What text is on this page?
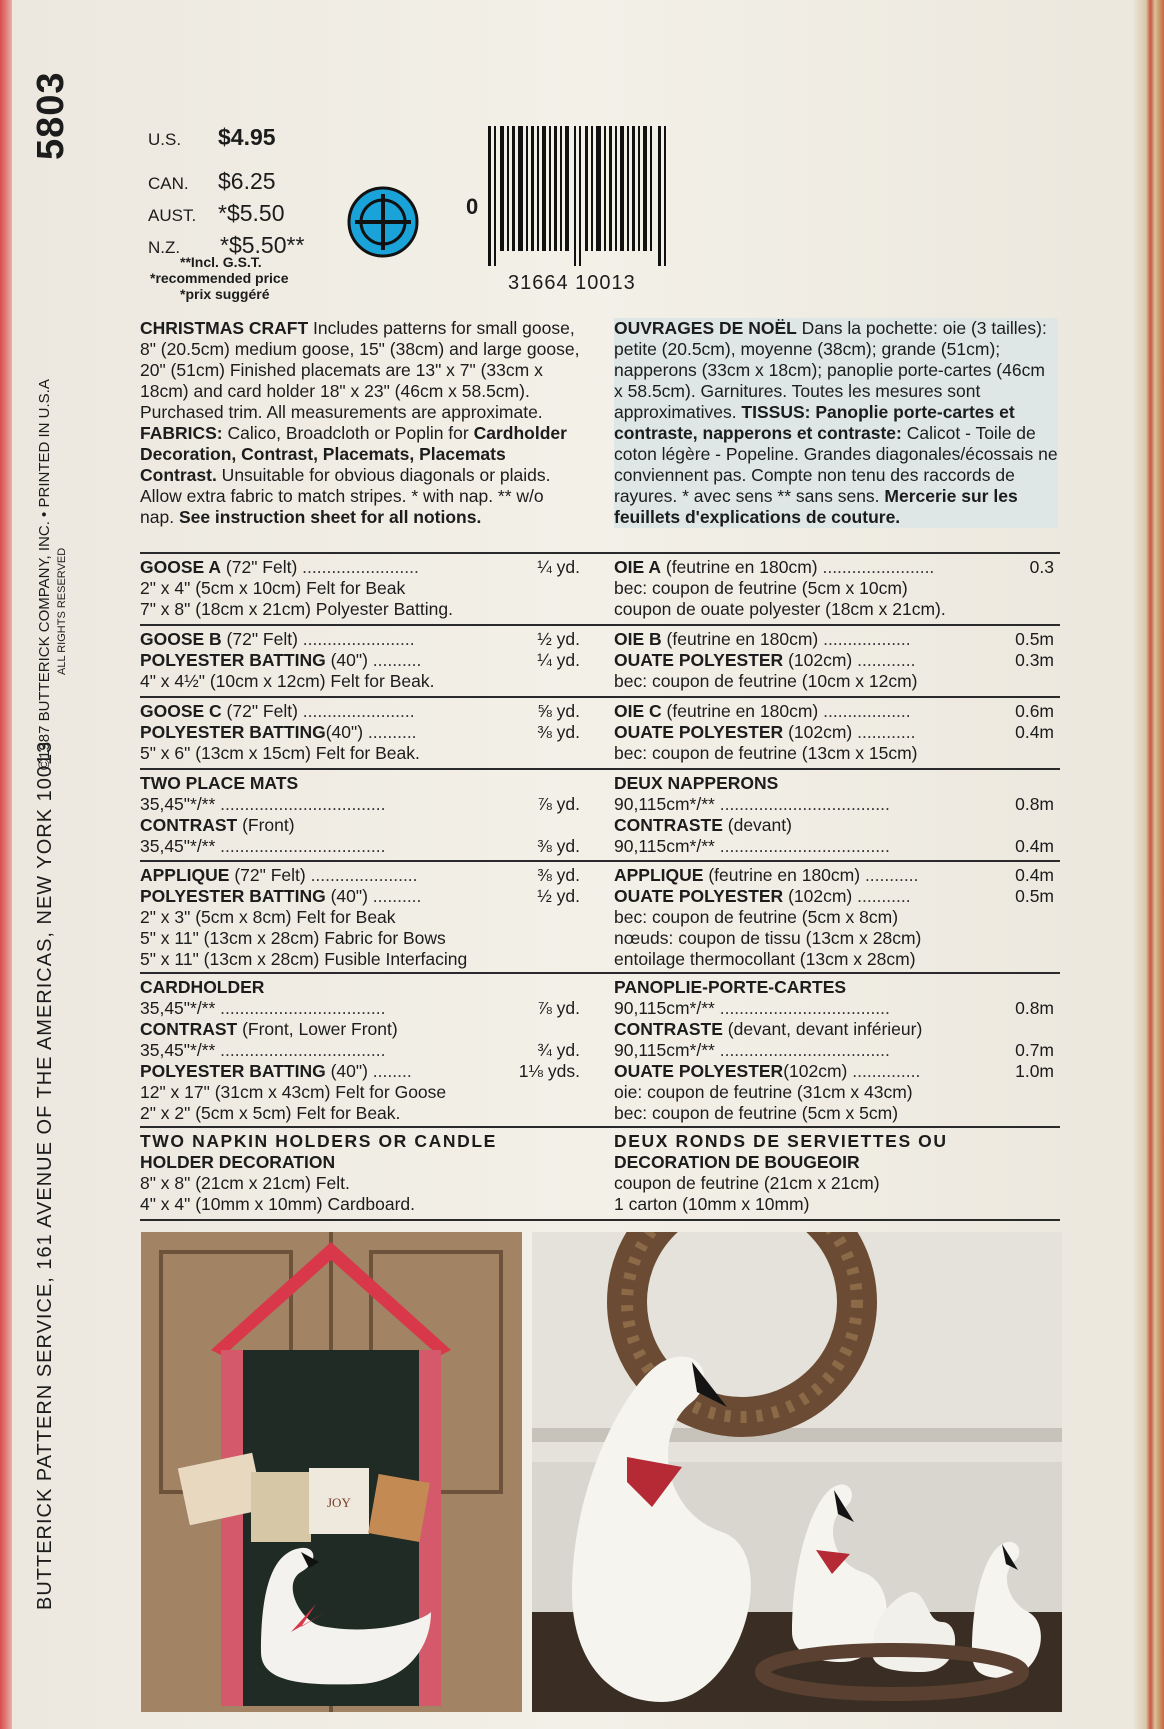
5803
©1987 BUTTERICK COMPANY, INC. • PRINTED IN U.S.A ALL RIGHTS RESERVED
BUTTERICK PATTERN SERVICE, 161 AVENUE OF THE AMERICAS, NEW YORK 10013
U.S. $4.95
CAN. $6.25
AUST. *$5.50
N.Z. *$5.50**
**Incl. G.S.T.
*recommended price
*prix suggéré
0
31664 10013
CHRISTMAS CRAFT Includes patterns for small goose, 8" (20.5cm) medium goose, 15" (38cm) and large goose, 20" (51cm) Finished placemats are 13" x 7" (33cm x 18cm) and card holder 18" x 23" (46cm x 58.5cm). Purchased trim. All measurements are approximate. FABRICS: Calico, Broadcloth or Poplin for Cardholder Decoration, Contrast, Placemats, Placemats Contrast. Unsuitable for obvious diagonals or plaids. Allow extra fabric to match stripes. * with nap. ** w/o nap. See instruction sheet for all notions.
OUVRAGES DE NOËL Dans la pochette: oie (3 tailles): petite (20.5cm), moyenne (38cm); grande (51cm); napperons (33cm x 18cm); panoplie porte-cartes (46cm x 58.5cm). Garnitures. Toutes les mesures sont approximatives. TISSUS: Panoplie porte-cartes et contraste, napperons et contraste: Calicot - Toile de coton légère - Popeline. Grandes diagonales/écossais ne conviennent pas. Compte non tenu des raccords de rayures. * avec sens ** sans sens. Mercerie sur les feuillets d'explications de couture.
GOOSE A (72" Felt) ........................	¼ yd.
2" x 4" (5cm x 10cm) Felt for Beak
7" x 8" (18cm x 21cm) Polyester Batting.
OIE A (feutrine en 180cm) .......................	0.3
bec: coupon de feutrine (5cm x 10cm)
coupon de ouate polyester (18cm x 21cm).
GOOSE B (72" Felt) .......................	½ yd.
POLYESTER BATTING (40") ..........	¼ yd.
4" x 4½" (10cm x 12cm) Felt for Beak.
OIE B (feutrine en 180cm) ..................	0.5m
OUATE POLYESTER (102cm) ............	0.3m
bec: coupon de feutrine (10cm x 12cm)
GOOSE C (72" Felt) .......................	⅝ yd.
POLYESTER BATTING(40") ..........	⅜ yd.
5" x 6" (13cm x 15cm) Felt for Beak.
OIE C (feutrine en 180cm) ..................	0.6m
OUATE POLYESTER (102cm) ............	0.4m
bec: coupon de feutrine (13cm x 15cm)
TWO PLACE MATS
35,45"*/** ..................................	⅞ yd.
CONTRAST (Front)
35,45"*/** ..................................	⅜ yd.
DEUX NAPPERONS
90,115cm*/** ...................................	0.8m
CONTRASTE (devant)
90,115cm*/** ...................................	0.4m
APPLIQUE (72" Felt) ......................	⅜ yd.
POLYESTER BATTING (40") ..........	½ yd.
2" x 3" (5cm x 8cm) Felt for Beak
5" x 11" (13cm x 28cm) Fabric for Bows
5" x 11" (13cm x 28cm) Fusible Interfacing
APPLIQUE (feutrine en 180cm) ...........	0.4m
OUATE POLYESTER (102cm) ...........	0.5m
bec: coupon de feutrine (5cm x 8cm)
nœuds: coupon de tissu (13cm x 28cm)
entoilage thermocollant (13cm x 28cm)
CARDHOLDER
35,45"*/** ..................................	⅞ yd.
CONTRAST (Front, Lower Front)
35,45"*/** ..................................	¾ yd.
POLYESTER BATTING (40") ........	1⅛ yds.
12" x 17" (31cm x 43cm) Felt for Goose
2" x 2" (5cm x 5cm) Felt for Beak.
PANOPLIE-PORTE-CARTES
90,115cm*/** ...................................	0.8m
CONTRASTE (devant, devant inférieur)
90,115cm*/** ...................................	0.7m
OUATE POLYESTER(102cm) ..............	1.0m
oie: coupon de feutrine (31cm x 43cm)
bec: coupon de feutrine (5cm x 5cm)
TWO NAPKIN HOLDERS OR CANDLE
HOLDER DECORATION
8" x 8" (21cm x 21cm) Felt.
4" x 4" (10mm x 10mm) Cardboard.
DEUX RONDS DE SERVIETTES OU
DECORATION DE BOUGEOIR
coupon de feutrine (21cm x 21cm)
1 carton (10mm x 10mm)
JOY
